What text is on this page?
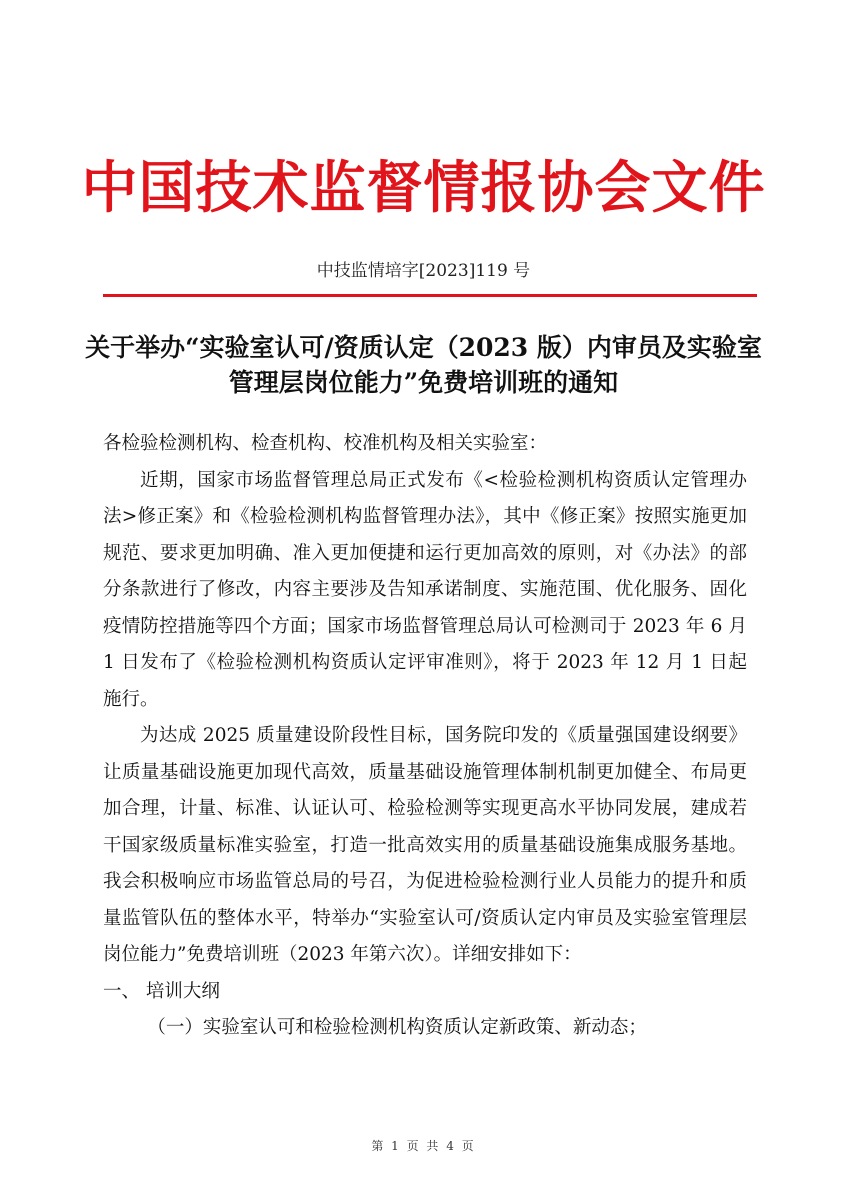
中国技术监督情报协会文件
中技监情培字[2023]119 号
关于举办“实验室认可/资质认定（2023 版）内审员及实验室
管理层岗位能力”免费培训班的通知

各检验检测机构、检查机构、校准机构及相关实验室：

近期，国家市场监督管理总局正式发布《<检验检测机构资质认定管理办法>修正案》和《检验检测机构监督管理办法》，其中《修正案》按照实施更加规范、要求更加明确、准入更加便捷和运行更加高效的原则，对《办法》的部分条款进行了修改，内容主要涉及告知承诺制度、实施范围、优化服务、固化疫情防控措施等四个方面；国家市场监督管理总局认可检测司于 2023 年 6 月 1 日发布了《检验检测机构资质认定评审准则》，将于 2023 年 12 月 1 日起施行。

为达成 2025 质量建设阶段性目标，国务院印发的《质量强国建设纲要》让质量基础设施更加现代高效，质量基础设施管理体制机制更加健全、布局更加合理，计量、标准、认证认可、检验检测等实现更高水平协同发展，建成若干国家级质量标准实验室，打造一批高效实用的质量基础设施集成服务基地。我会积极响应市场监管总局的号召，为促进检验检测行业人员能力的提升和质量监管队伍的整体水平，特举办“实验室认可/资质认定内审员及实验室管理层岗位能力”免费培训班（2023 年第六次）。详细安排如下：

一、 培训大纲

（一）实验室认可和检验检测机构资质认定新政策、新动态；

第 1 页 共 4 页
